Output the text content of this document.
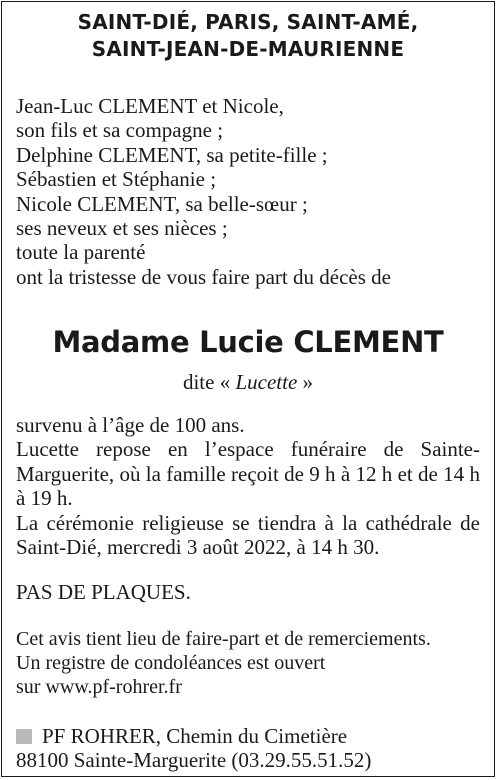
SAINT-DIÉ, PARIS, SAINT-AMÉ,
SAINT-JEAN-DE-MAURIENNE
Jean-Luc CLEMENT et Nicole,
son fils et sa compagne ;
Delphine CLEMENT, sa petite-fille ;
Sébastien et Stéphanie ;
Nicole CLEMENT, sa belle-sœur ;
ses neveux et ses nièces ;
toute la parenté
ont la tristesse de vous faire part du décès de
Madame Lucie CLEMENT
dite « Lucette »
survenu à l’âge de 100 ans.
Lucette repose en l’espace funéraire de Sainte-Marguerite, où la famille reçoit de 9 h à 12 h et de 14 h à 19 h.
La cérémonie religieuse se tiendra à la cathédrale de Saint-Dié, mercredi 3 août 2022, à 14 h 30.
PAS DE PLAQUES.
Cet avis tient lieu de faire-part et de remerciements.
Un registre de condoléances est ouvert
sur www.pf-rohrer.fr
PF ROHRER, Chemin du Cimetière
88100 Sainte-Marguerite (03.29.55.51.52)
